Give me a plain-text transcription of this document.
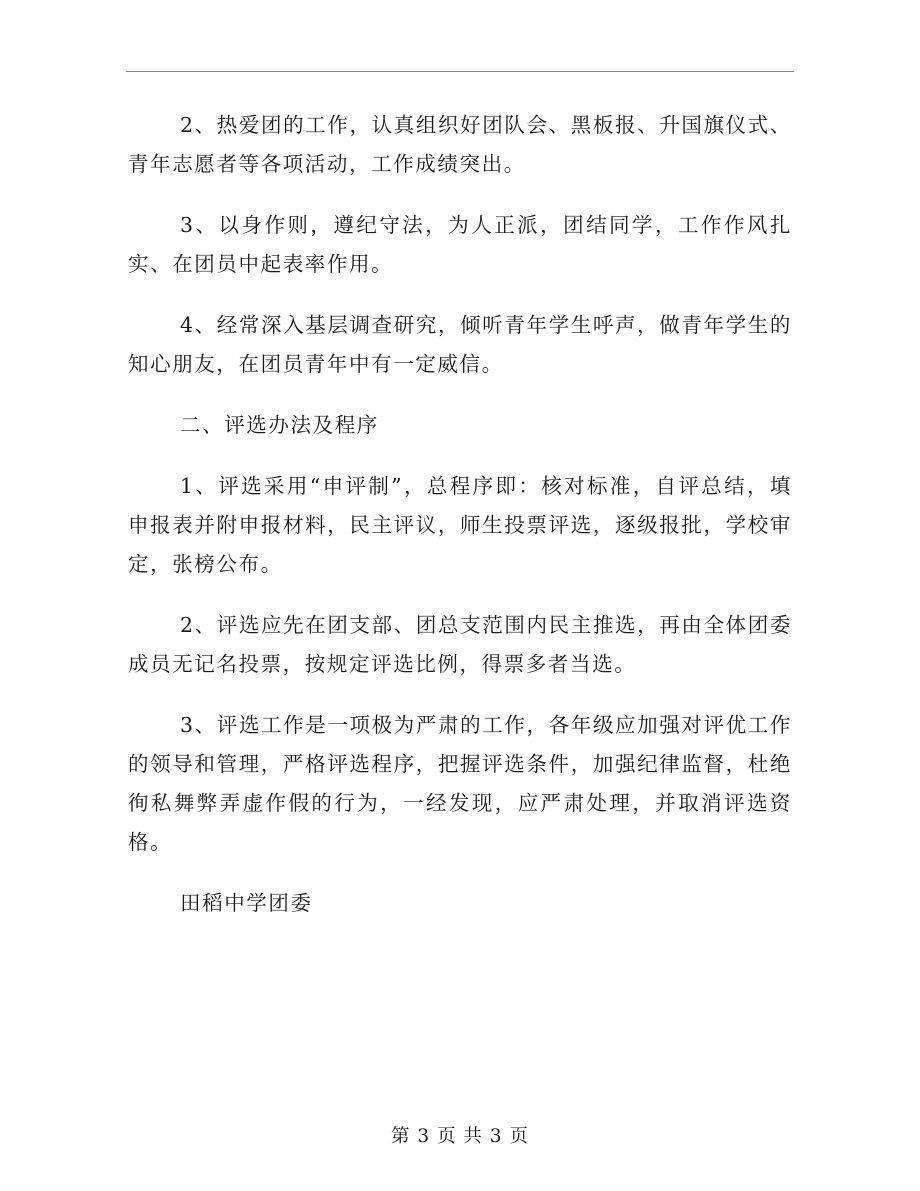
2、热爱团的工作，认真组织好团队会、黑板报、升国旗仪式、青年志愿者等各项活动，工作成绩突出。

3、以身作则，遵纪守法，为人正派，团结同学，工作作风扎实、在团员中起表率作用。

4、经常深入基层调查研究，倾听青年学生呼声，做青年学生的知心朋友，在团员青年中有一定威信。

二、评选办法及程序

1、评选采用“申评制”，总程序即：核对标准，自评总结，填申报表并附申报材料，民主评议，师生投票评选，逐级报批，学校审定，张榜公布。

2、评选应先在团支部、团总支范围内民主推选，再由全体团委成员无记名投票，按规定评选比例，得票多者当选。

3、评选工作是一项极为严肃的工作，各年级应加强对评优工作的领导和管理，严格评选程序，把握评选条件，加强纪律监督，杜绝徇私舞弊弄虚作假的行为，一经发现，应严肃处理，并取消评选资格。

田稻中学团委

第 3 页 共 3 页
